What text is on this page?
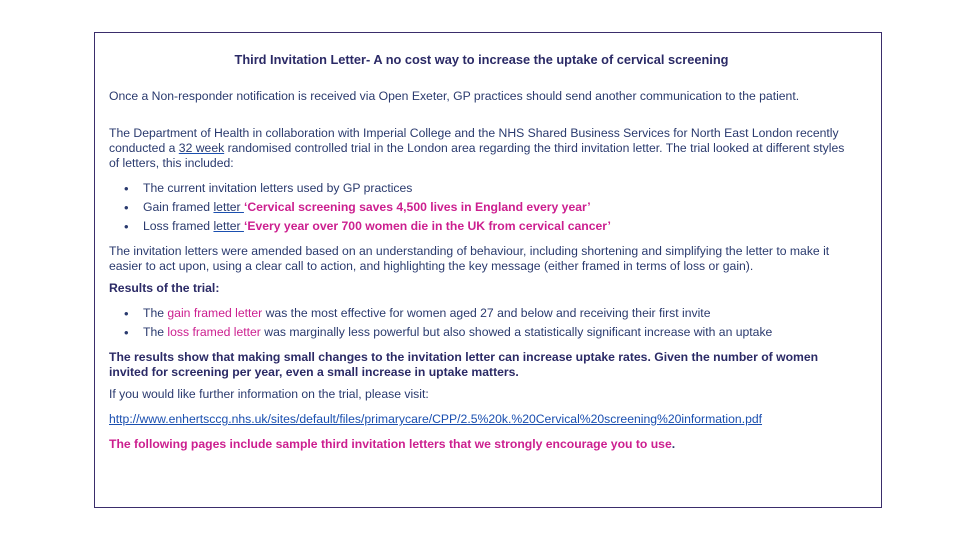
Third Invitation Letter- A no cost way to increase the uptake of cervical screening

Once a Non-responder notification is received via Open Exeter, GP practices should send another communication to the patient.

The Department of Health in collaboration with Imperial College and the NHS Shared Business Services for North East London recently conducted a 32 week randomised controlled trial in the London area regarding the third invitation letter. The trial looked at different styles of letters, this included:

• The current invitation letters used by GP practices
• Gain framed letter ‘Cervical screening saves 4,500 lives in England every year’
• Loss framed letter ‘Every year over 700 women die in the UK from cervical cancer’

The invitation letters were amended based on an understanding of behaviour, including shortening and simplifying the letter to make it easier to act upon, using a clear call to action, and highlighting the key message (either framed in terms of loss or gain).

Results of the trial:

• The gain framed letter was the most effective for women aged 27 and below and receiving their first invite
• The loss framed letter was marginally less powerful but also showed a statistically significant increase with an uptake

The results show that making small changes to the invitation letter can increase uptake rates. Given the number of women invited for screening per year, even a small increase in uptake matters.

If you would like further information on the trial, please visit:

http://www.enhertsccg.nhs.uk/sites/default/files/primarycare/CPP/2.5%20k.%20Cervical%20screening%20information.pdf

The following pages include sample third invitation letters that we strongly encourage you to use.
